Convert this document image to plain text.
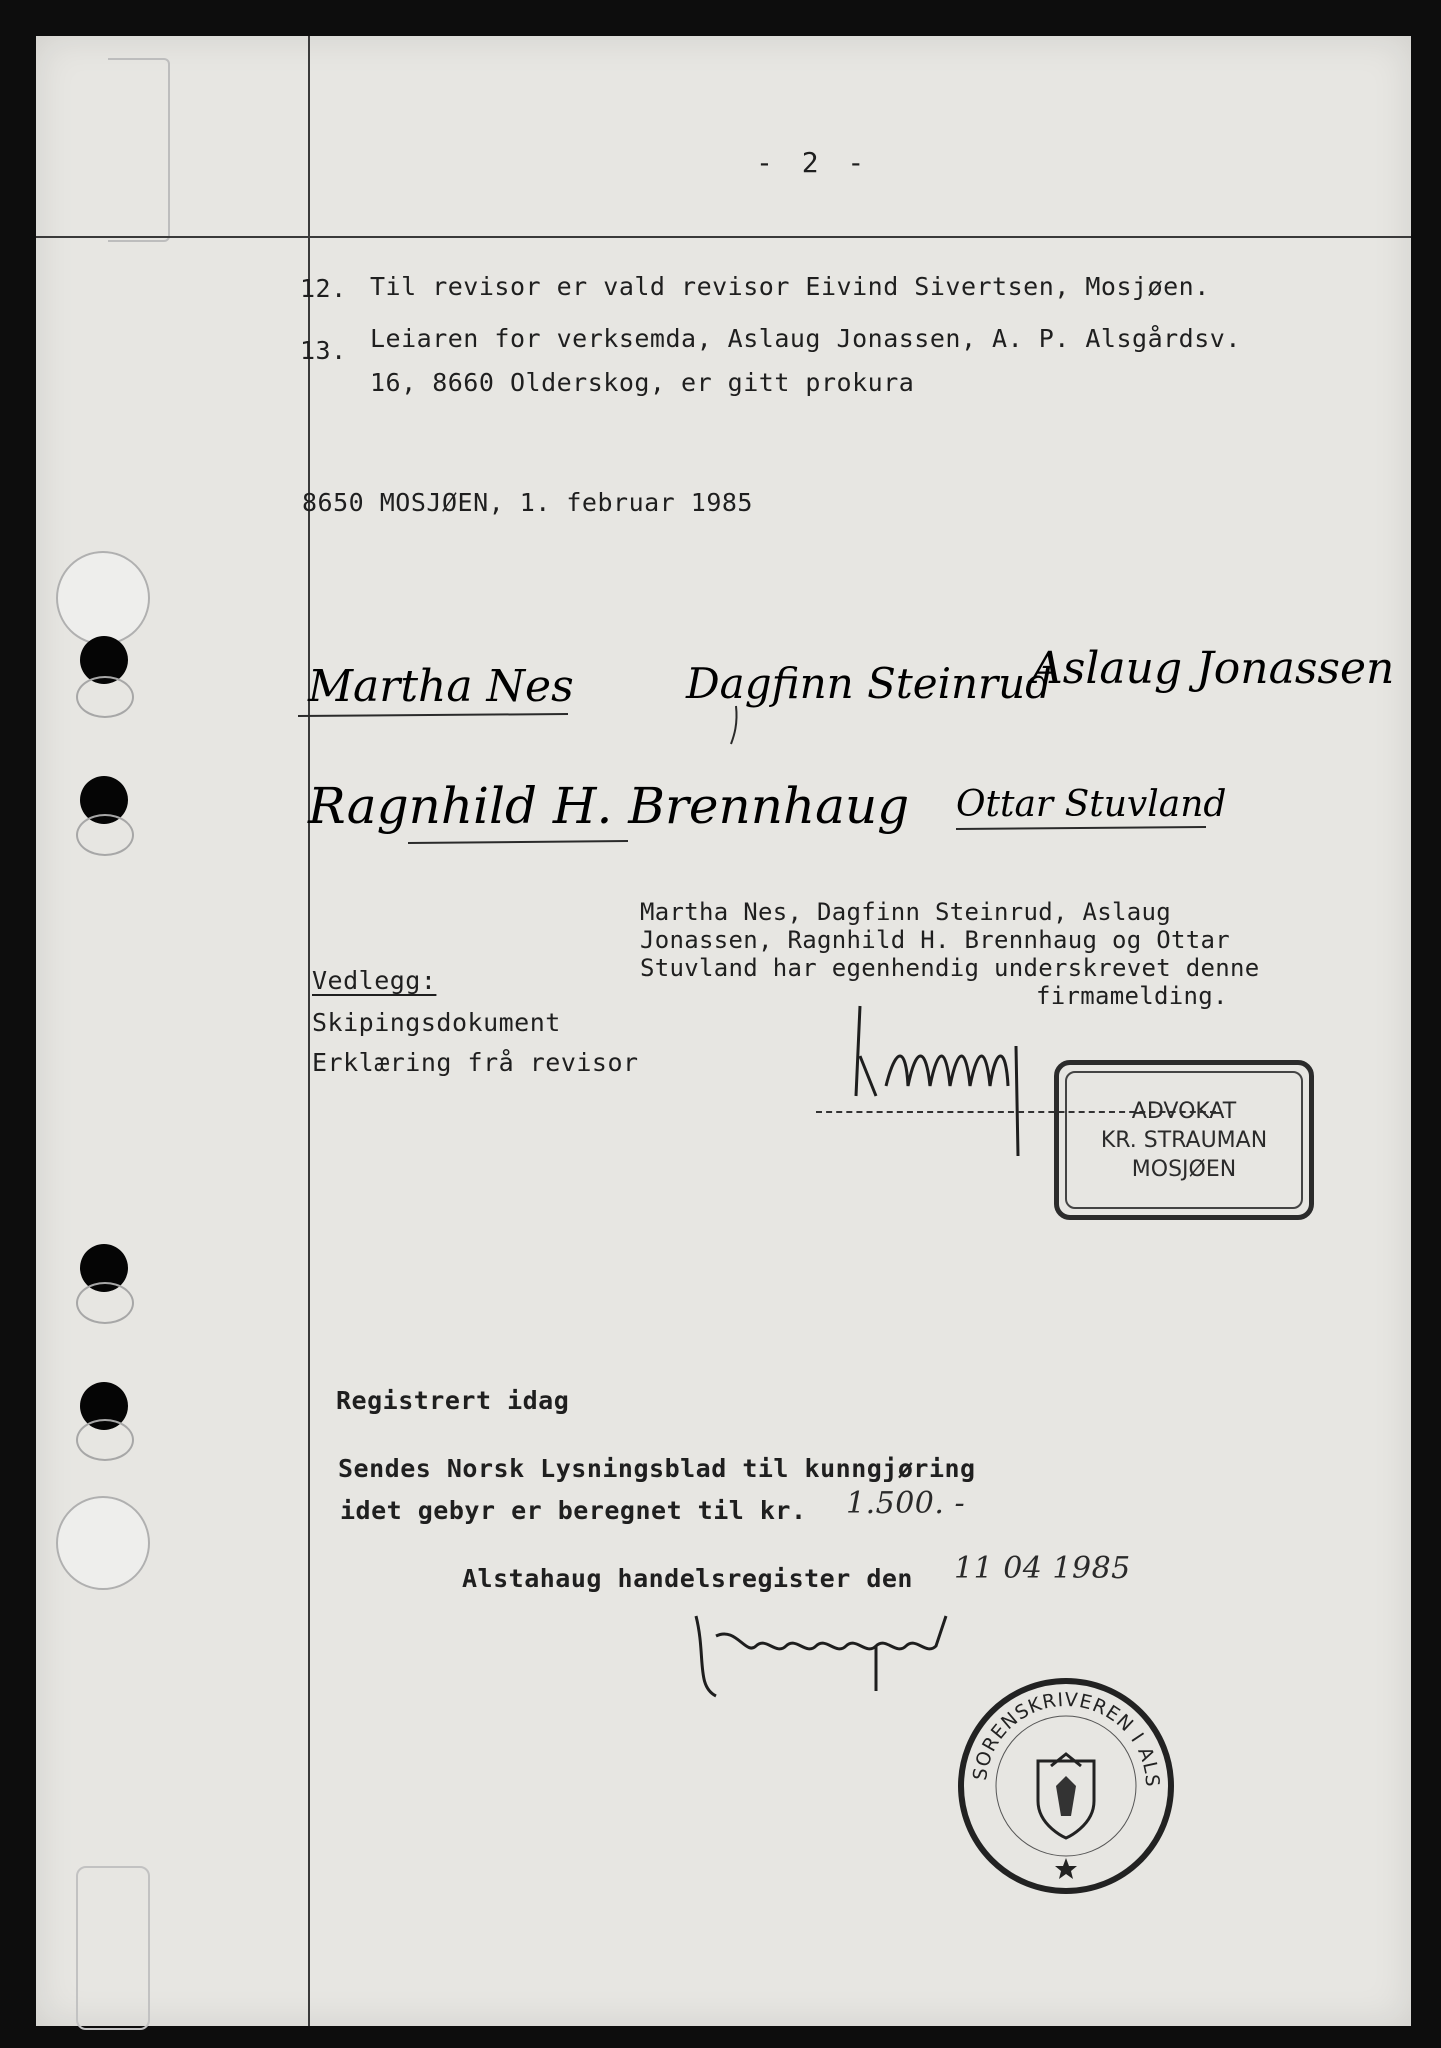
- 2 -
12. Til revisor er vald revisor Eivind Sivertsen, Mosjøen.
13. Leiaren for verksemda, Aslaug Jonassen, A. P. Alsgårdsv.
16, 8660 Olderskog, er gitt prokura
8650 MOSJØEN, 1. februar 1985
Martha Nes	Dagfinn Steinrud
Aslaug Jonassen
Ragnhild H. Brennhaug Ottar Stuvland
Martha Nes, Dagfinn Steinrud, Aslaug
Jonassen, Ragnhild H. Brennhaug og Ottar
Stuvland har egenhendig underskrevet denne
firmamelding.
Vedlegg:
Skipingsdokument
Erklæring frå revisor
ADVOKAT
KR. STRAUMAN
MOSJØEN
Registrert idag
Sendes Norsk Lysningsblad til kunngjøring
idet gebyr er beregnet til kr. 1.500. -
Alstahaug handelsregister den 11 04 1985
SORENSKRIVEREN I ALS
